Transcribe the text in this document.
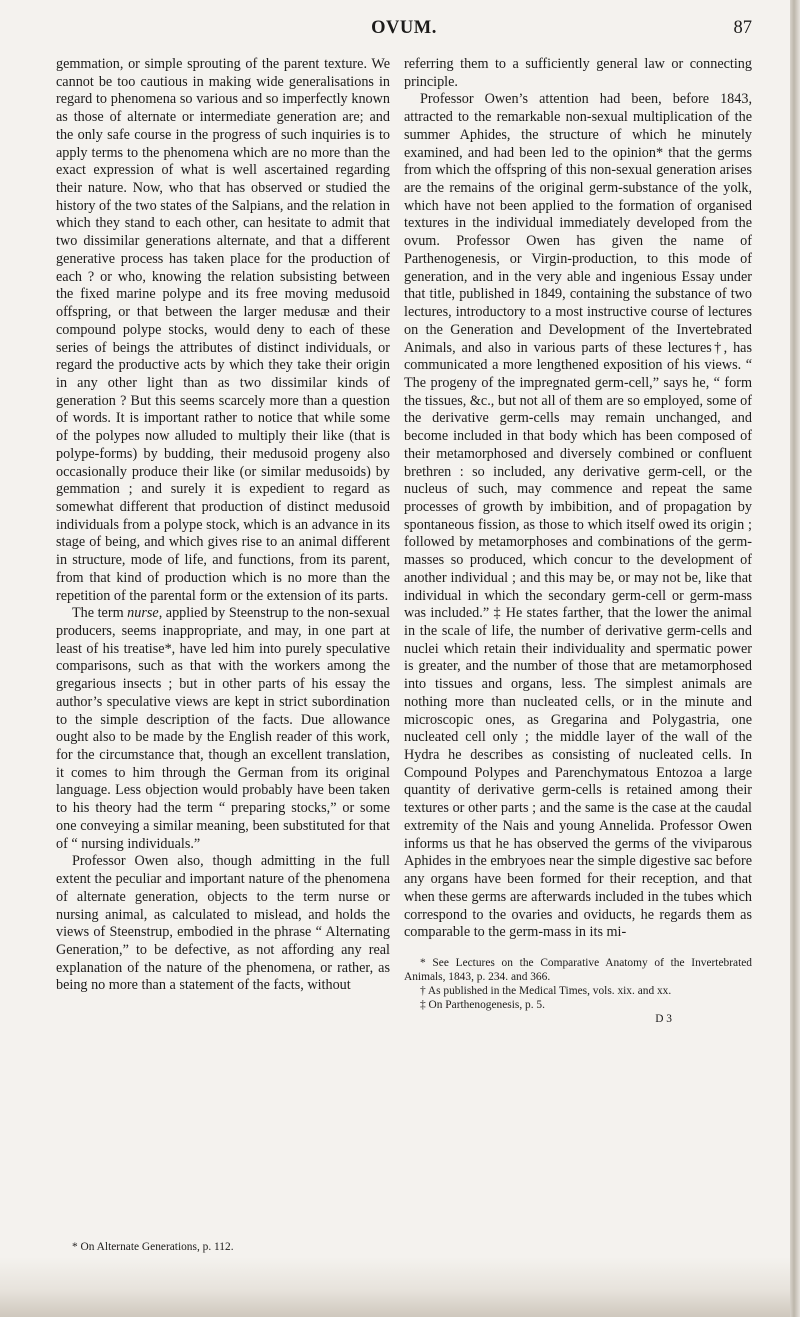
OVUM.	87

gemmation, or simple sprouting of the parent texture. We cannot be too cautious in making wide generalisations in regard to phenomena so various and so imperfectly known as those of alternate or intermediate generation are; and the only safe course in the progress of such inquiries is to apply terms to the phenomena which are no more than the exact expression of what is well ascertained regarding their nature. Now, who that has observed or studied the history of the two states of the Salpians, and the relation in which they stand to each other, can hesitate to admit that two dissimilar generations alternate, and that a different generative process has taken place for the production of each ? or who, knowing the relation subsisting between the fixed marine polype and its free moving medusoid offspring, or that between the larger medusæ and their compound polype stocks, would deny to each of these series of beings the attributes of distinct individuals, or regard the productive acts by which they take their origin in any other light than as two dissimilar kinds of generation ? But this seems scarcely more than a question of words. It is important rather to notice that while some of the polypes now alluded to multiply their like (that is polype-forms) by budding, their medusoid progeny also occasionally produce their like (or similar medusoids) by gemmation ; and surely it is expedient to regard as somewhat different that production of distinct medusoid individuals from a polype stock, which is an advance in its stage of being, and which gives rise to an animal different in structure, mode of life, and functions, from its parent, from that kind of production which is no more than the repetition of the parental form or the extension of its parts.

The term nurse, applied by Steenstrup to the non-sexual producers, seems inappropriate, and may, in one part at least of his treatise*, have led him into purely speculative comparisons, such as that with the workers among the gregarious insects ; but in other parts of his essay the author’s speculative views are kept in strict subordination to the simple description of the facts. Due allowance ought also to be made by the English reader of this work, for the circumstance that, though an excellent translation, it comes to him through the German from its original language. Less objection would probably have been taken to his theory had the term “ preparing stocks,” or some one conveying a similar meaning, been substituted for that of “ nursing individuals.”

Professor Owen also, though admitting in the full extent the peculiar and important nature of the phenomena of alternate generation, objects to the term nurse or nursing animal, as calculated to mislead, and holds the views of Steenstrup, embodied in the phrase “ Alternating Generation,” to be defective, as not affording any real explanation of the nature of the phenomena, or rather, as being no more than a statement of the facts, without

* On Alternate Generations, p. 112.

referring them to a sufficiently general law or connecting principle.

Professor Owen’s attention had been, before 1843, attracted to the remarkable non-sexual multiplication of the summer Aphides, the structure of which he minutely examined, and had been led to the opinion* that the germs from which the offspring of this non-sexual generation arises are the remains of the original germ-substance of the yolk, which have not been applied to the formation of organised textures in the individual immediately developed from the ovum. Professor Owen has given the name of Parthenogenesis, or Virgin-production, to this mode of generation, and in the very able and ingenious Essay under that title, published in 1849, containing the substance of two lectures, introductory to a most instructive course of lectures on the Generation and Development of the Invertebrated Animals, and also in various parts of these lectures†, has communicated a more lengthened exposition of his views. “ The progeny of the impregnated germ-cell,” says he, “ form the tissues, &c., but not all of them are so employed, some of the derivative germ-cells may remain unchanged, and become included in that body which has been composed of their metamorphosed and diversely combined or confluent brethren : so included, any derivative germ-cell, or the nucleus of such, may commence and repeat the same processes of growth by imbibition, and of propagation by spontaneous fission, as those to which itself owed its origin ; followed by metamorphoses and combinations of the germ-masses so produced, which concur to the development of another individual ; and this may be, or may not be, like that individual in which the secondary germ-cell or germ-mass was included.” ‡ He states farther, that the lower the animal in the scale of life, the number of derivative germ-cells and nuclei which retain their individuality and spermatic power is greater, and the number of those that are metamorphosed into tissues and organs, less. The simplest animals are nothing more than nucleated cells, or in the minute and microscopic ones, as Gregarina and Polygastria, one nucleated cell only ; the middle layer of the wall of the Hydra he describes as consisting of nucleated cells. In Compound Polypes and Parenchymatous Entozoa a large quantity of derivative germ-cells is retained among their textures or other parts ; and the same is the case at the caudal extremity of the Nais and young Annelida. Professor Owen informs us that he has observed the germs of the viviparous Aphides in the embryoes near the simple digestive sac before any organs have been formed for their reception, and that when these germs are afterwards included in the tubes which correspond to the ovaries and oviducts, he regards them as comparable to the germ-mass in its mi-

* See Lectures on the Comparative Anatomy of the Invertebrated Animals, 1843, p. 234. and 366.

† As published in the Medical Times, vols. xix. and xx.

‡ On Parthenogenesis, p. 5.

D 3
